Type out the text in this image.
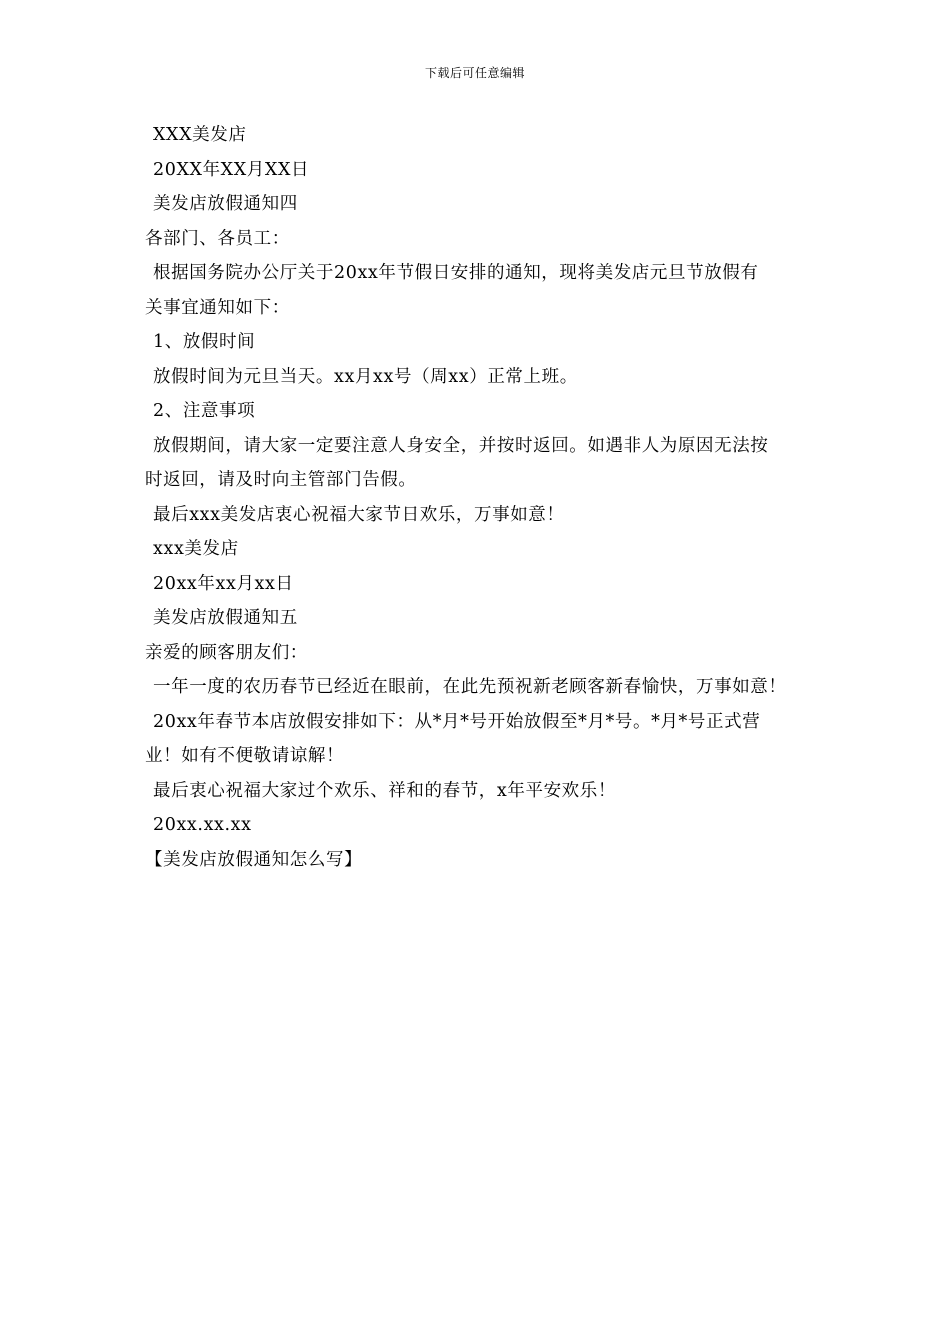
下载后可任意编辑
XXX美发店
20XX年XX月XX日
美发店放假通知四
各部门、各员工：
根据国务院办公厅关于20xx年节假日安排的通知，现将美发店元旦节放假有
关事宜通知如下：
1、放假时间
放假时间为元旦当天。xx月xx号（周xx）正常上班。
2、注意事项
放假期间，请大家一定要注意人身安全，并按时返回。如遇非人为原因无法按
时返回，请及时向主管部门告假。
最后xxx美发店衷心祝福大家节日欢乐，万事如意！
xxx美发店
20xx年xx月xx日
美发店放假通知五
亲爱的顾客朋友们：
一年一度的农历春节已经近在眼前，在此先预祝新老顾客新春愉快，万事如意！
20xx年春节本店放假安排如下：从*月*号开始放假至*月*号。*月*号正式营
业！如有不便敬请谅解！
最后衷心祝福大家过个欢乐、祥和的春节，x年平安欢乐！
20xx.xx.xx
【美发店放假通知怎么写】
